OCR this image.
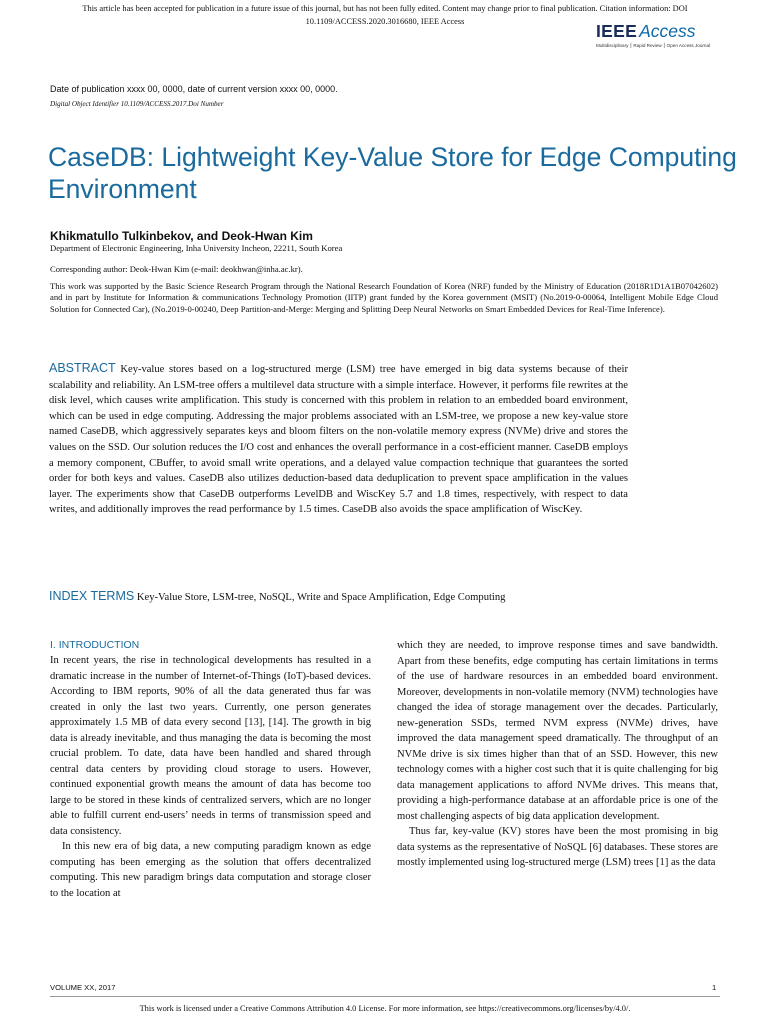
This article has been accepted for publication in a future issue of this journal, but has not been fully edited. Content may change prior to final publication. Citation information: DOI 10.1109/ACCESS.2020.3016680, IEEE Access	IEEE Access
Multidisciplinary ⎮ Rapid Review ⎮ Open Access Journal
Date of publication xxxx 00, 0000, date of current version xxxx 00, 0000.
Digital Object Identifier 10.1109/ACCESS.2017.Doi Number
CaseDB: Lightweight Key-Value Store for Edge Computing Environment
Khikmatullo Tulkinbekov, and Deok-Hwan Kim
Department of Electronic Engineering, Inha University Incheon, 22211, South Korea
Corresponding author: Deok-Hwan Kim (e-mail: deokhwan@inha.ac.kr).
This work was supported by the Basic Science Research Program through the National Research Foundation of Korea (NRF) funded by the Ministry of Education (2018R1D1A1B07042602) and in part by Institute for Information & communications Technology Promotion (IITP) grant funded by the Korea government (MSIT) (No.2019-0-00064, Intelligent Mobile Edge Cloud Solution for Connected Car), (No.2019-0-00240, Deep Partition-and-Merge: Merging and Splitting Deep Neural Networks on Smart Embedded Devices for Real-Time Inference).
ABSTRACT Key-value stores based on a log-structured merge (LSM) tree have emerged in big data systems because of their scalability and reliability. An LSM-tree offers a multilevel data structure with a simple interface. However, it performs file rewrites at the disk level, which causes write amplification. This study is concerned with this problem in relation to an embedded board environment, which can be used in edge computing. Addressing the major problems associated with an LSM-tree, we propose a new key-value store named CaseDB, which aggressively separates keys and bloom filters on the non-volatile memory express (NVMe) drive and stores the values on the SSD. Our solution reduces the I/O cost and enhances the overall performance in a cost-efficient manner. CaseDB employs a memory component, CBuffer, to avoid small write operations, and a delayed value compaction technique that guarantees the sorted order for both keys and values. CaseDB also utilizes deduction-based data deduplication to prevent space amplification in the values layer. The experiments show that CaseDB outperforms LevelDB and WiscKey 5.7 and 1.8 times, respectively, with respect to data writes, and additionally improves the read performance by 1.5 times. CaseDB also avoids the space amplification of WiscKey.
INDEX TERMS Key-Value Store, LSM-tree, NoSQL, Write and Space Amplification, Edge Computing
I. INTRODUCTION

In recent years, the rise in technological developments has resulted in a dramatic increase in the number of Internet-of-Things (IoT)-based devices. According to IBM reports, 90% of all the data generated thus far was created in only the last two years. Currently, one person generates approximately 1.5 MB of data every second [13], [14]. The growth in big data is already inevitable, and thus managing the data is becoming the most crucial problem. To date, data have been handled and shared through central data centers by providing cloud storage to users. However, continued exponential growth means the amount of data has become too large to be stored in these kinds of centralized servers, which are no longer able to fulfill current end-users’ needs in terms of transmission speed and data consistency.

In this new era of big data, a new computing paradigm known as edge computing has been emerging as the solution that offers decentralized computing. This new paradigm brings data computation and storage closer to the location at

which they are needed, to improve response times and save bandwidth. Apart from these benefits, edge computing has certain limitations in terms of the use of hardware resources in an embedded board environment. Moreover, developments in non-volatile memory (NVM) technologies have changed the idea of storage management over the decades. Particularly, new-generation SSDs, termed NVM express (NVMe) drives, have improved the data management speed dramatically. The throughput of an NVMe drive is six times higher than that of an SSD. However, this new technology comes with a higher cost such that it is quite challenging for big data management applications to afford NVMe drives. This means that, providing a high-performance database at an affordable price is one of the most challenging aspects of big data application development.

Thus far, key-value (KV) stores have been the most promising in big data systems as the representative of NoSQL [6] databases. These stores are mostly implemented using log-structured merge (LSM) trees [1] as the data

VOLUME XX, 2017	1
This work is licensed under a Creative Commons Attribution 4.0 License. For more information, see https://creativecommons.org/licenses/by/4.0/.
